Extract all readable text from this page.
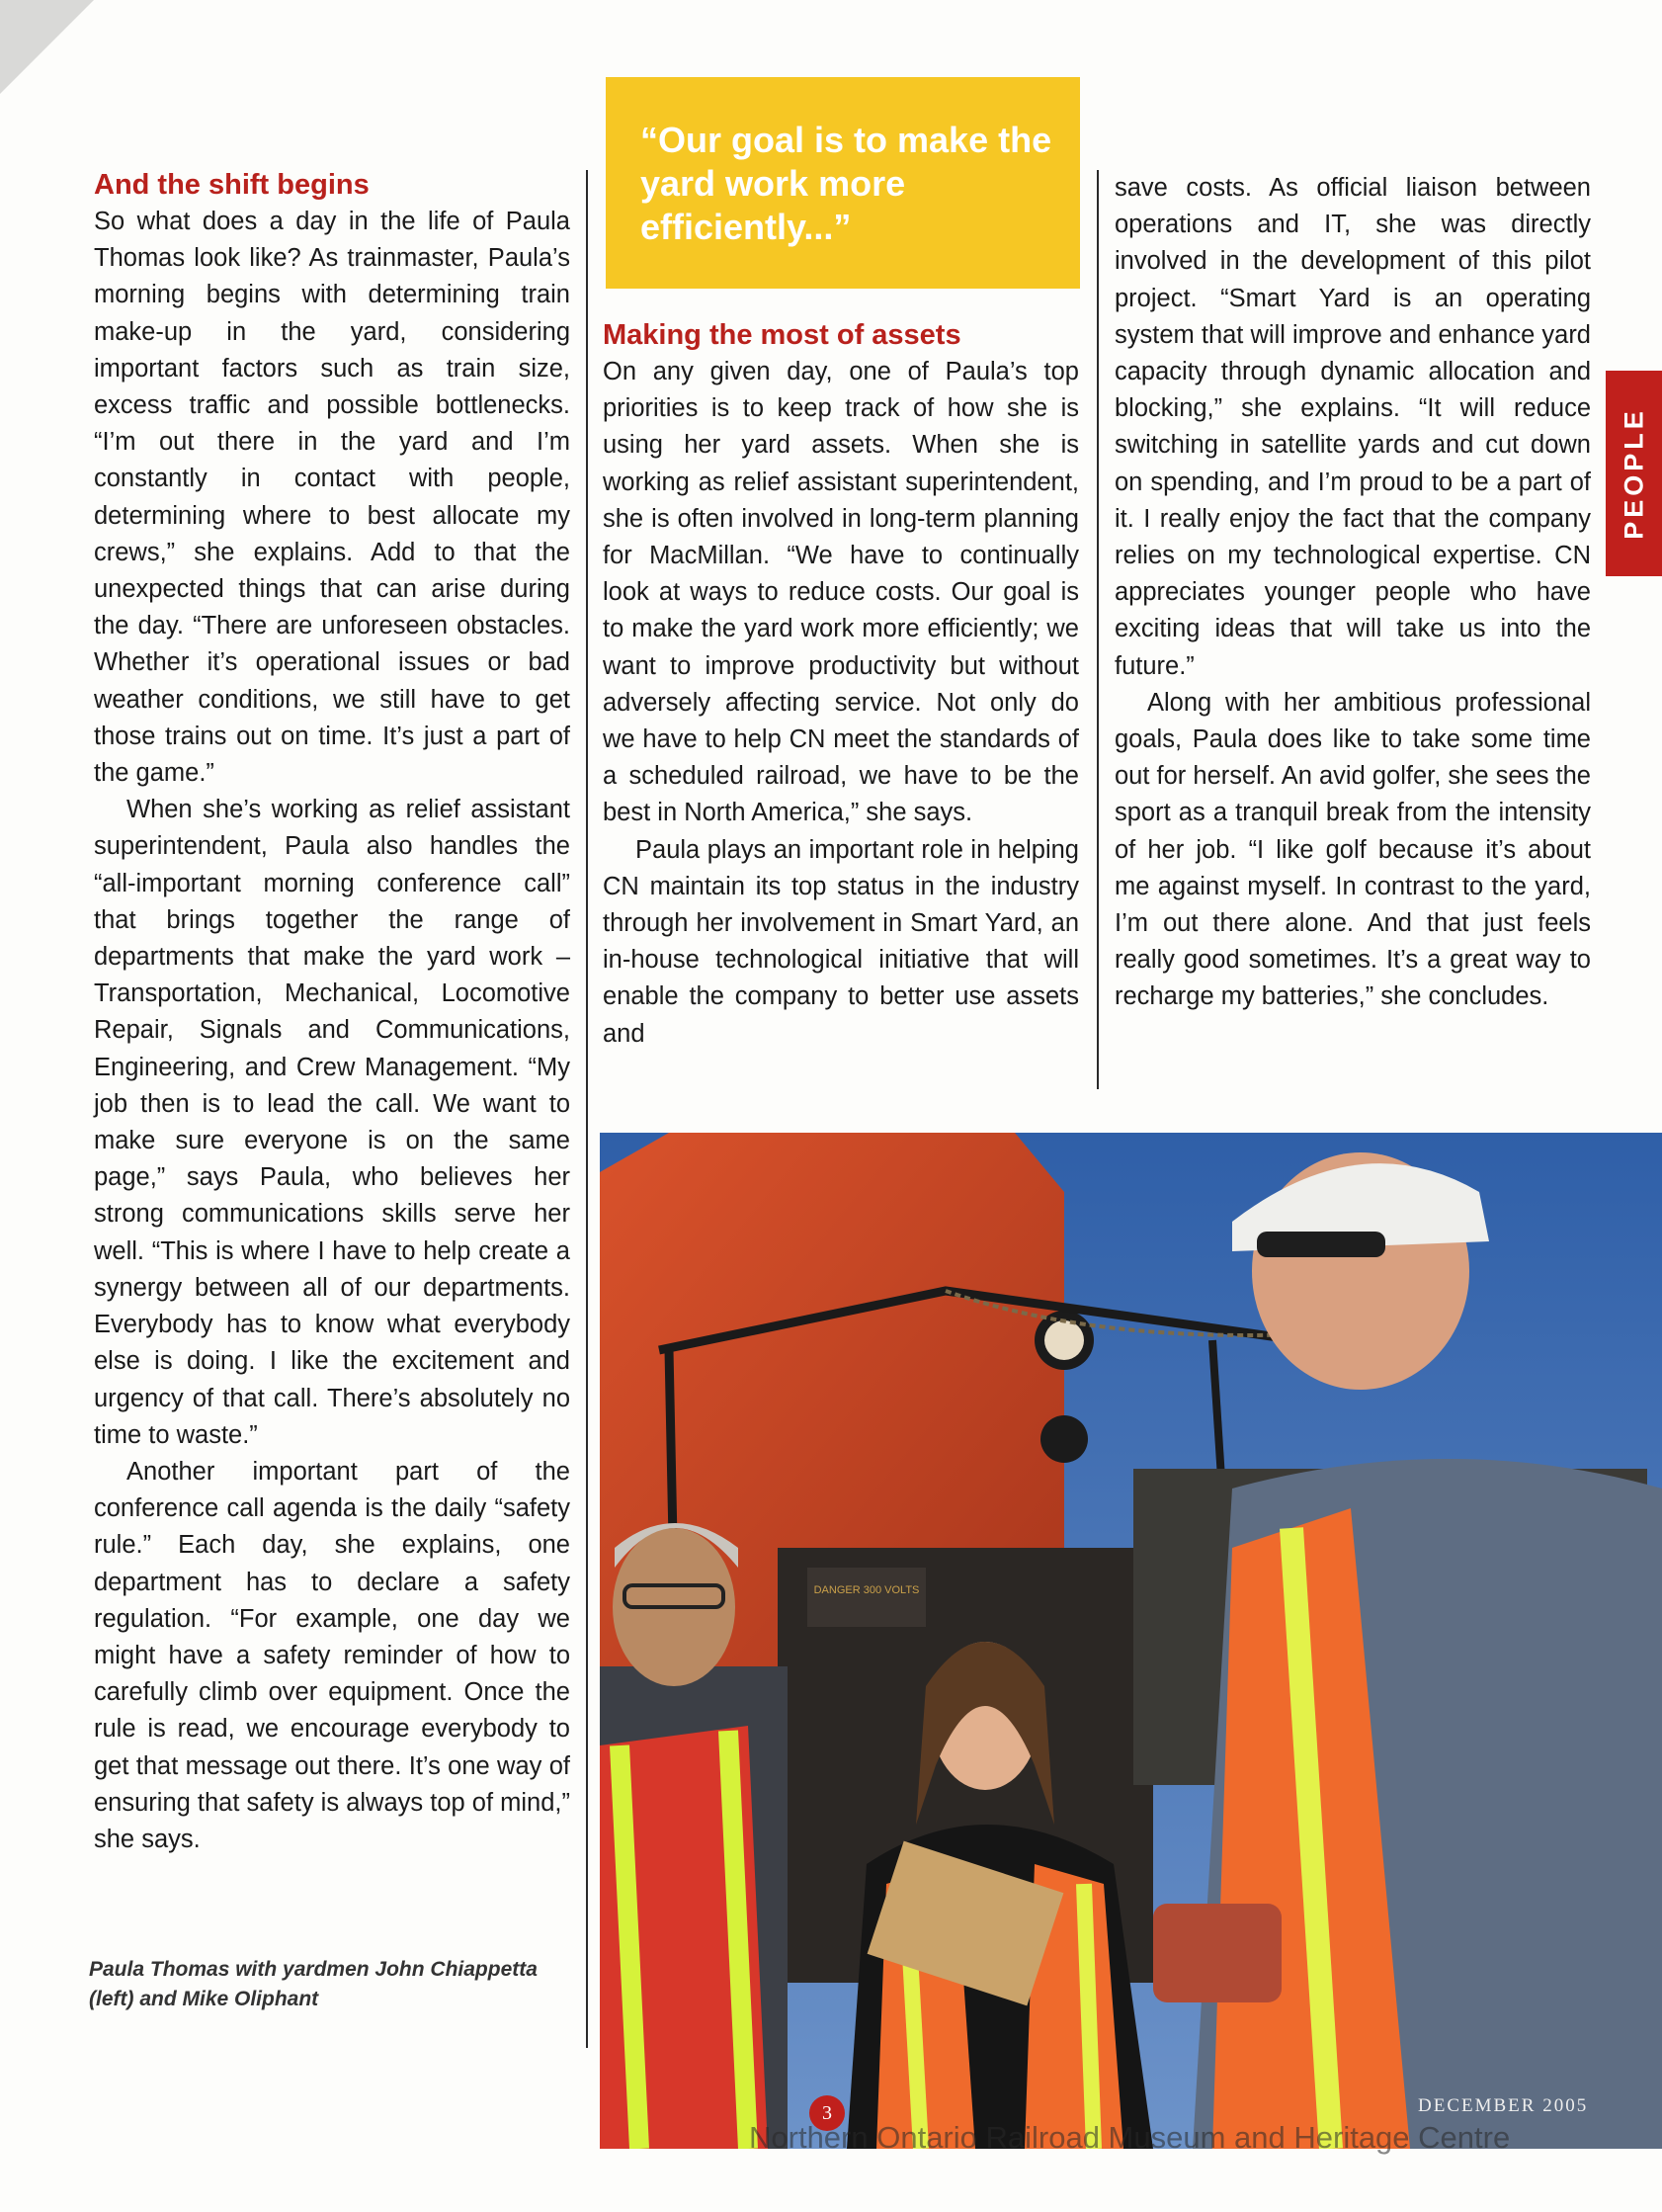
And the shift begins

So what does a day in the life of Paula Thomas look like? As trainmaster, Paula’s morning begins with determining train make-up in the yard, considering important factors such as train size, excess traffic and possible bottlenecks. “I’m out there in the yard and I’m constantly in contact with people, determining where to best allocate my crews,” she explains. Add to that the unexpected things that can arise during the day. “There are unforeseen obstacles. Whether it’s operational issues or bad weather conditions, we still have to get those trains out on time. It’s just a part of the game.”

When she’s working as relief assistant superintendent, Paula also handles the “all-important morning conference call” that brings together the range of departments that make the yard work – Transportation, Mechanical, Locomotive Repair, Signals and Communications, Engineering, and Crew Management. “My job then is to lead the call. We want to make sure everyone is on the same page,” says Paula, who believes her strong communications skills serve her well. “This is where I have to help create a synergy between all of our departments. Everybody has to know what everybody else is doing. I like the excitement and urgency of that call. There’s absolutely no time to waste.”

Another important part of the conference call agenda is the daily “safety rule.” Each day, she explains, one department has to declare a safety regulation. “For example, one day we might have a safety reminder of how to carefully climb over equipment. Once the rule is read, we encourage everybody to get that message out there. It’s one way of ensuring that safety is always top of mind,” she says.

“Our goal is to make the yard work more efficiently...”
Making the most of assets

On any given day, one of Paula’s top priorities is to keep track of how she is using her yard assets. When she is working as relief assistant superintendent, she is often involved in long-term planning for MacMillan. “We have to continually look at ways to reduce costs. Our goal is to make the yard work more efficiently; we want to improve productivity but without adversely affecting service. Not only do we have to help CN meet the standards of a scheduled railroad, we have to be the best in North America,” she says.

Paula plays an important role in helping CN maintain its top status in the industry through her involvement in Smart Yard, an in-house technological initiative that will enable the company to better use assets and

save costs. As official liaison between operations and IT, she was directly involved in the development of this pilot project. “Smart Yard is an operating system that will improve and enhance yard capacity through dynamic allocation and blocking,” she explains. “It will reduce switching in satellite yards and cut down on spending, and I’m proud to be a part of it. I really enjoy the fact that the company relies on my technological expertise. CN appreciates younger people who have exciting ideas that will take us into the future.”

Along with her ambitious professional goals, Paula does like to take some time out for herself. An avid golfer, she sees the sport as a tranquil break from the intensity of her job. “I like golf because it’s about me against myself. In contrast to the yard, I’m out there alone. And that just feels really good sometimes. It’s a great way to recharge my batteries,” she concludes.

PEOPLE
DANGER 300 VOLTS
Paula Thomas with yardmen John Chiappetta (left) and Mike Oliphant
3	DECEMBER 2005
Northern Ontario Railroad Museum and Heritage Centre
